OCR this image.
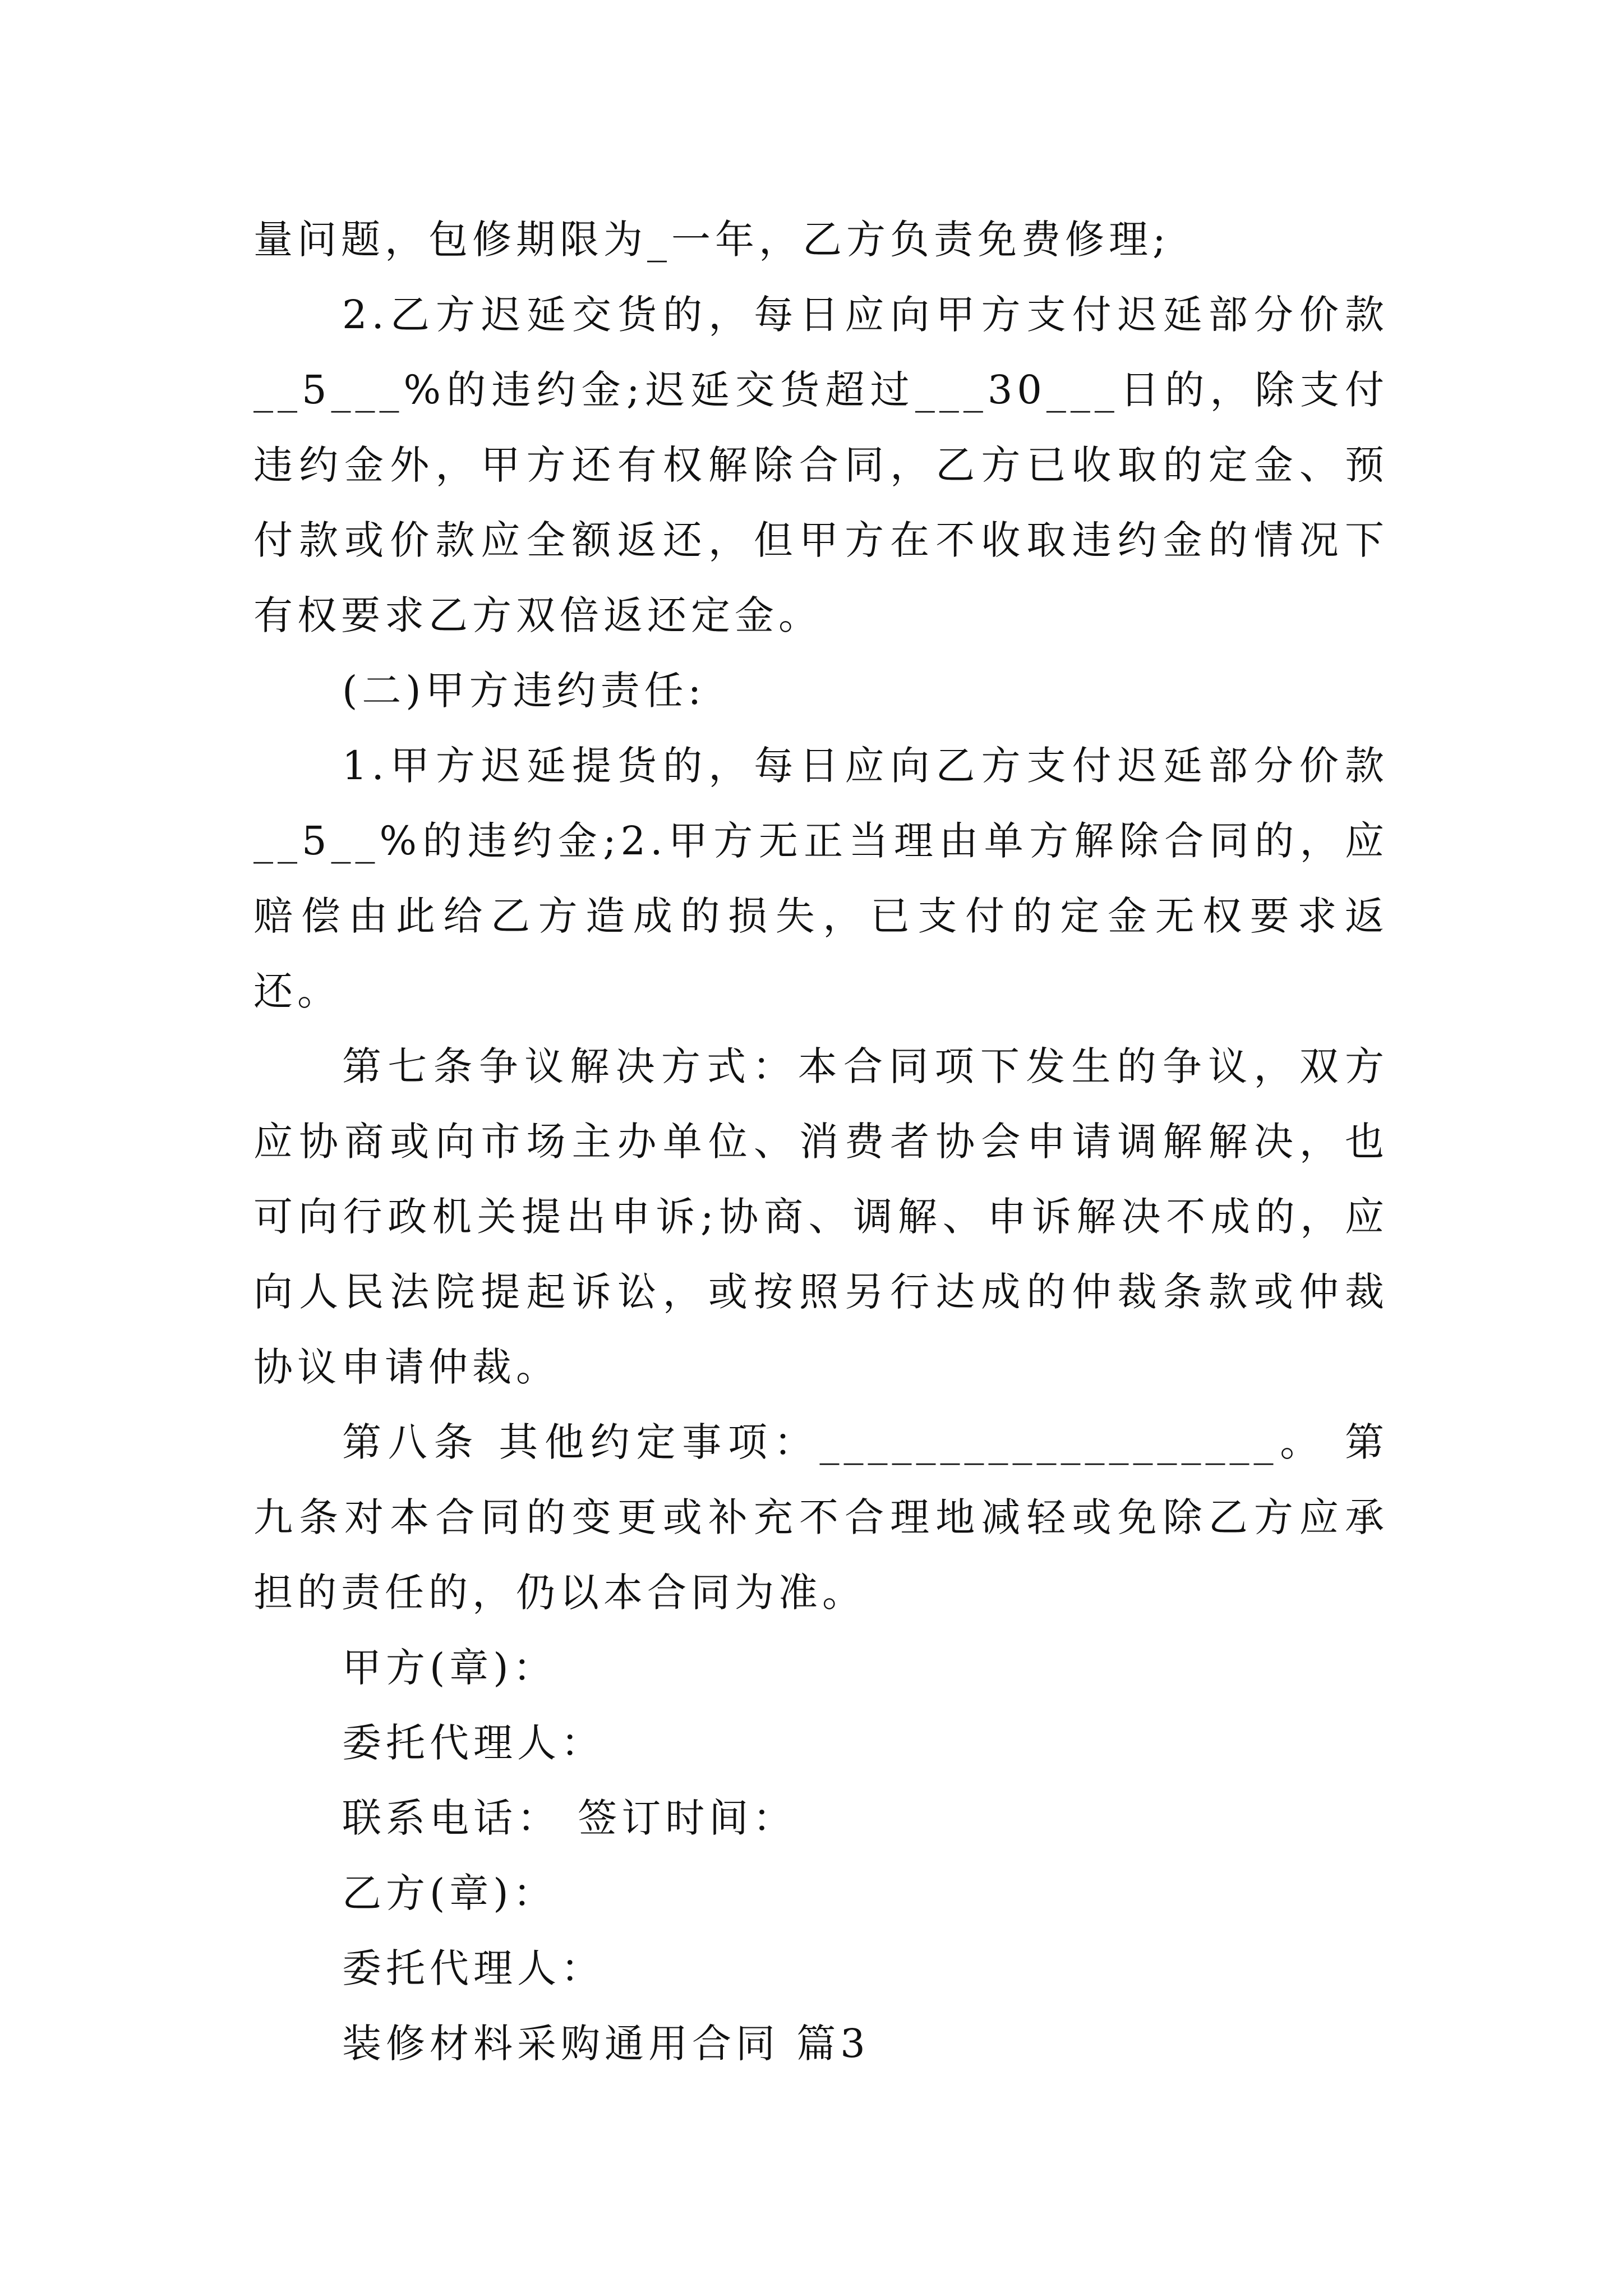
量问题，包修期限为_一年，乙方负责免费修理;

2.乙方迟延交货的，每日应向甲方支付迟延部分价款__5___%的违约金;迟延交货超过___30___日的，除支付违约金外，甲方还有权解除合同，乙方已收取的定金、预付款或价款应全额返还，但甲方在不收取违约金的情况下有权要求乙方双倍返还定金。

(二)甲方违约责任:

1.甲方迟延提货的，每日应向乙方支付迟延部分价款__5__%的违约金;2.甲方无正当理由单方解除合同的，应赔偿由此给乙方造成的损失，已支付的定金无权要求返还。

第七条争议解决方式：本合同项下发生的争议，双方应协商或向市场主办单位、消费者协会申请调解解决，也可向行政机关提出申诉;协商、调解、申诉解决不成的，应向人民法院提起诉讼，或按照另行达成的仲裁条款或仲裁协议申请仲裁。

第八条 其他约定事项：___________________。 第九条对本合同的变更或补充不合理地减轻或免除乙方应承担的责任的，仍以本合同为准。

甲方(章)：

委托代理人：

联系电话： 签订时间：

乙方(章)：

委托代理人：

装修材料采购通用合同 篇3
